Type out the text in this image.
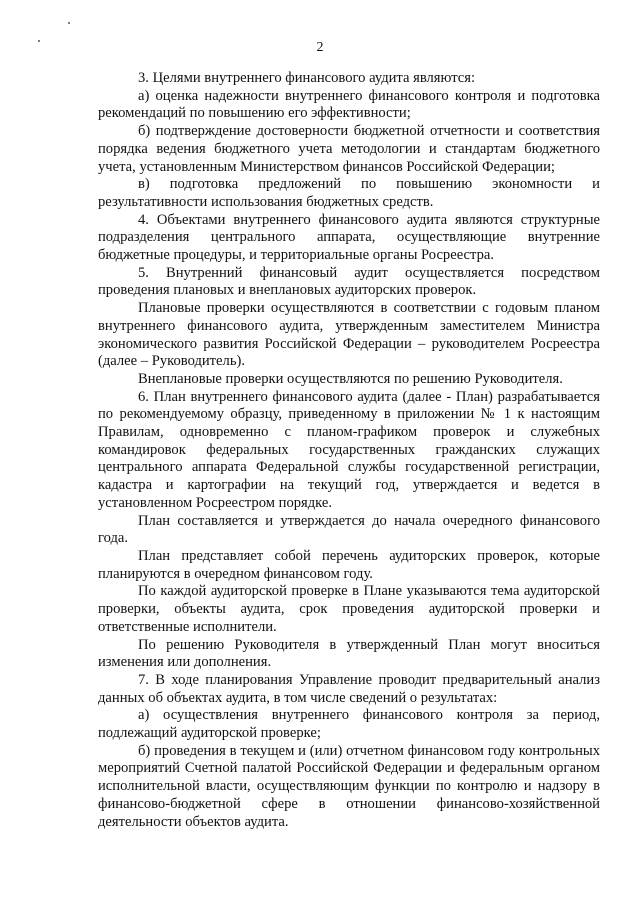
2

3. Целями внутреннего финансового аудита являются:

а) оценка надежности внутреннего финансового контроля и подготовка рекомендаций по повышению его эффективности;

б) подтверждение достоверности бюджетной отчетности и соответствия порядка ведения бюджетного учета методологии и стандартам бюджетного учета, установленным Министерством финансов Российской Федерации;

в) подготовка предложений по повышению экономности и результативности использования бюджетных средств.

4. Объектами внутреннего финансового аудита являются структурные подразделения центрального аппарата, осуществляющие внутренние бюджетные процедуры, и территориальные органы Росреестра.

5. Внутренний финансовый аудит осуществляется посредством проведения плановых и внеплановых аудиторских проверок.

Плановые проверки осуществляются в соответствии с годовым планом внутреннего финансового аудита, утвержденным заместителем Министра экономического развития Российской Федерации – руководителем Росреестра (далее – Руководитель).

Внеплановые проверки осуществляются по решению Руководителя.

6. План внутреннего финансового аудита (далее - План) разрабатывается по рекомендуемому образцу, приведенному в приложении № 1 к настоящим Правилам, одновременно с планом-графиком проверок и служебных командировок федеральных государственных гражданских служащих центрального аппарата Федеральной службы государственной регистрации, кадастра и картографии на текущий год, утверждается и ведется в установленном Росреестром порядке.

План составляется и утверждается до начала очередного финансового года.

План представляет собой перечень аудиторских проверок, которые планируются в очередном финансовом году.

По каждой аудиторской проверке в Плане указываются тема аудиторской проверки, объекты аудита, срок проведения аудиторской проверки и ответственные исполнители.

По решению Руководителя в утвержденный План могут вноситься изменения или дополнения.

7. В ходе планирования Управление проводит предварительный анализ данных об объектах аудита, в том числе сведений о результатах:

а) осуществления внутреннего финансового контроля за период, подлежащий аудиторской проверке;

б) проведения в текущем и (или) отчетном финансовом году контрольных мероприятий Счетной палатой Российской Федерации и федеральным органом исполнительной власти, осуществляющим функции по контролю и надзору в финансово-бюджетной сфере в отношении финансово-хозяйственной деятельности объектов аудита.
